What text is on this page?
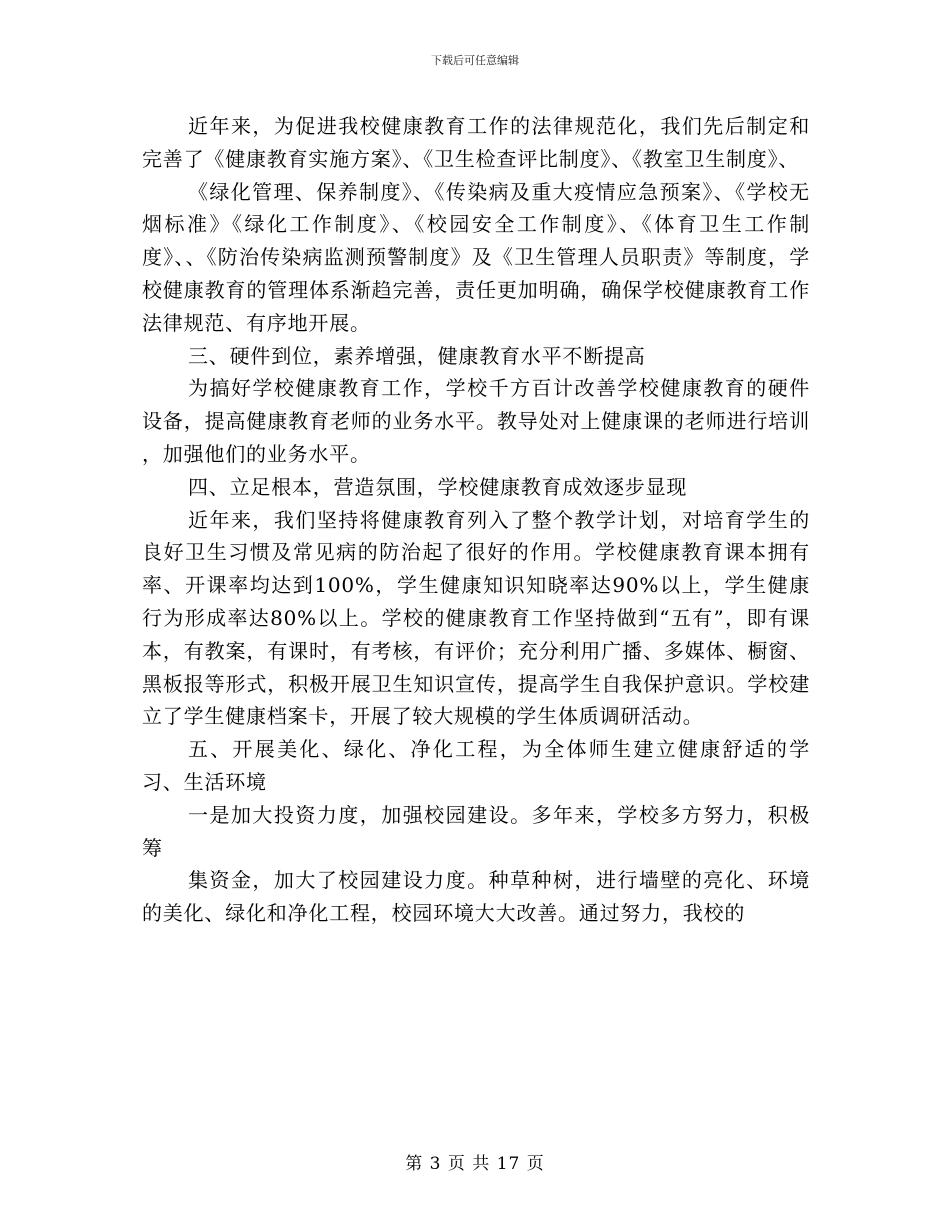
下载后可任意编辑

近年来，为促进我校健康教育工作的法律规范化，我们先后制定和完善了《健康教育实施方案》、《卫生检查评比制度》、《教室卫生制度》、

《绿化管理、保养制度》、《传染病及重大疫情应急预案》、《学校无烟标准》《绿化工作制度》、《校园安全工作制度》、《体育卫生工作制度》、、《防治传染病监测预警制度》及《卫生管理人员职责》等制度，学校健康教育的管理体系渐趋完善，责任更加明确，确保学校健康教育工作法律规范、有序地开展。

三、硬件到位，素养增强，健康教育水平不断提高

为搞好学校健康教育工作，学校千方百计改善学校健康教育的硬件设备，提高健康教育老师的业务水平。教导处对上健康课的老师进行培训 ，加强他们的业务水平。

四、立足根本，营造氛围，学校健康教育成效逐步显现

近年来，我们坚持将健康教育列入了整个教学计划，对培育学生的良好卫生习惯及常见病的防治起了很好的作用。学校健康教育课本拥有率、开课率均达到100%，学生健康知识知晓率达90%以上，学生健康行为形成率达80%以上。学校的健康教育工作坚持做到“五有”，即有课本，有教案，有课时，有考核，有评价；充分利用广播、多媒体、橱窗、黑板报等形式，积极开展卫生知识宣传，提高学生自我保护意识。学校建立了学生健康档案卡，开展了较大规模的学生体质调研活动。

五、开展美化、绿化、净化工程，为全体师生建立健康舒适的学习、生活环境

一是加大投资力度，加强校园建设。多年来，学校多方努力，积极筹

集资金，加大了校园建设力度。种草种树，进行墙壁的亮化、环境的美化、绿化和净化工程，校园环境大大改善。通过努力，我校的

第 3 页 共 17 页
